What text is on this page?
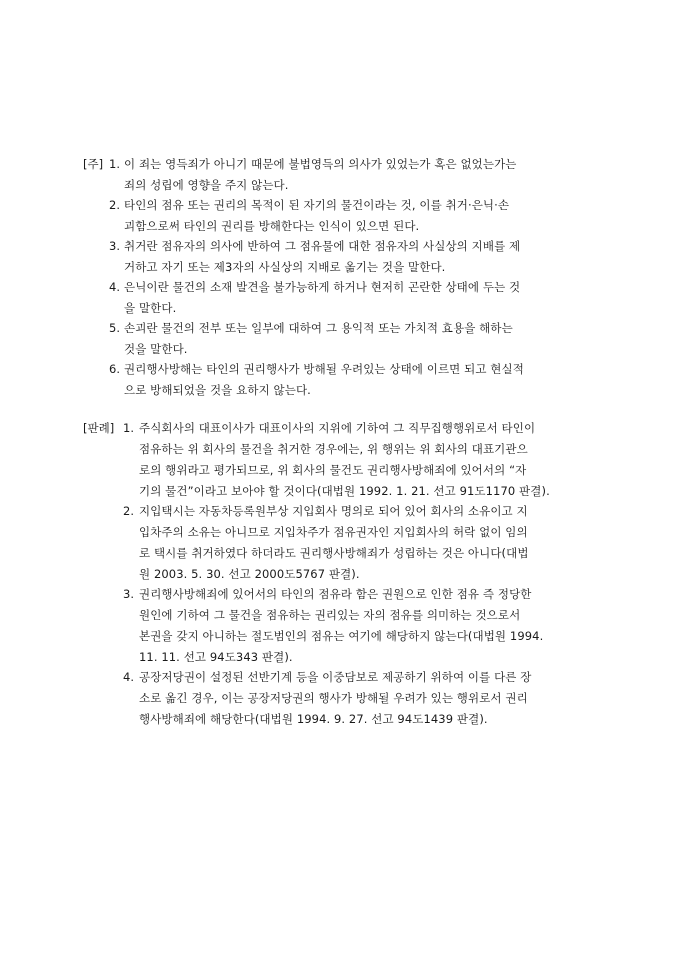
[주] 1. 이 죄는 영득죄가 아니기 때문에 불법영득의 의사가 있었는가 혹은 없었는가는
죄의 성립에 영향을 주지 않는다.
2. 타인의 점유 또는 권리의 목적이 된 자기의 물건이라는 것, 이를 취거·은닉·손
괴함으로써 타인의 권리를 방해한다는 인식이 있으면 된다.
3. 취거란 점유자의 의사에 반하여 그 점유물에 대한 점유자의 사실상의 지배를 제
거하고 자기 또는 제3자의 사실상의 지배로 옮기는 것을 말한다.
4. 은닉이란 물건의 소재 발견을 불가능하게 하거나 현저히 곤란한 상태에 두는 것
을 말한다.
5. 손괴란 물건의 전부 또는 일부에 대하여 그 용익적 또는 가치적 효용을 해하는
것을 말한다.
6. 권리행사방해는 타인의 권리행사가 방해될 우려있는 상태에 이르면 되고 현실적
으로 방해되었을 것을 요하지 않는다.
[판례] 1. 주식회사의 대표이사가 대표이사의 지위에 기하여 그 직무집행행위로서 타인이
점유하는 위 회사의 물건을 취거한 경우에는, 위 행위는 위 회사의 대표기관으
로의 행위라고 평가되므로, 위 회사의 물건도 권리행사방해죄에 있어서의 “자
기의 물건”이라고 보아야 할 것이다(대법원 1992. 1. 21. 선고 91도1170 판결).
2. 지입택시는 자동차등록원부상 지입회사 명의로 되어 있어 회사의 소유이고 지
입차주의 소유는 아니므로 지입차주가 점유권자인 지입회사의 허락 없이 임의
로 택시를 취거하였다 하더라도 권리행사방해죄가 성립하는 것은 아니다(대법
원 2003. 5. 30. 선고 2000도5767 판결).
3. 권리행사방해죄에 있어서의 타인의 점유라 함은 권원으로 인한 점유 즉 정당한
원인에 기하여 그 물건을 점유하는 권리있는 자의 점유를 의미하는 것으로서
본권을 갖지 아니하는 절도범인의 점유는 여기에 해당하지 않는다(대법원 1994.
11. 11. 선고 94도343 판결).
4. 공장저당권이 설정된 선반기계 등을 이중담보로 제공하기 위하여 이를 다른 장
소로 옮긴 경우, 이는 공장저당권의 행사가 방해될 우려가 있는 행위로서 권리
행사방해죄에 해당한다(대법원 1994. 9. 27. 선고 94도1439 판결).
